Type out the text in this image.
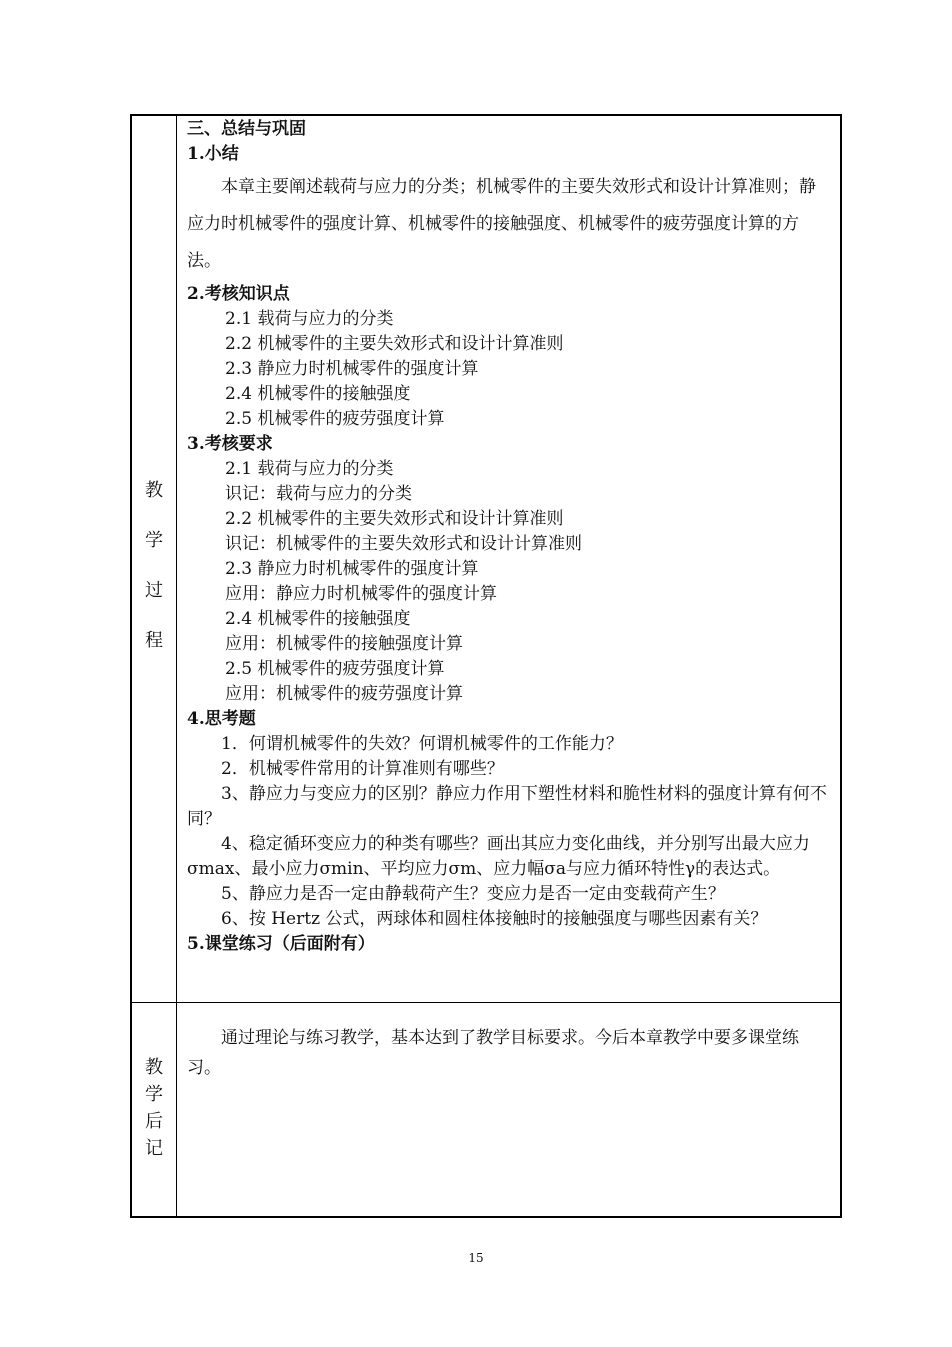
教
学
过
程
教
学
后
记
三、总结与巩固
1.小结
本章主要阐述载荷与应力的分类；机械零件的主要失效形式和设计计算准则；静应力时机械零件的强度计算、机械零件的接触强度、机械零件的疲劳强度计算的方法。
2.考核知识点
2.1 载荷与应力的分类
2.2 机械零件的主要失效形式和设计计算准则
2.3 静应力时机械零件的强度计算
2.4 机械零件的接触强度
2.5 机械零件的疲劳强度计算
3.考核要求
2.1 载荷与应力的分类
识记：载荷与应力的分类
2.2 机械零件的主要失效形式和设计计算准则
识记：机械零件的主要失效形式和设计计算准则
2.3 静应力时机械零件的强度计算
应用：静应力时机械零件的强度计算
2.4 机械零件的接触强度
应用：机械零件的接触强度计算
2.5 机械零件的疲劳强度计算
应用：机械零件的疲劳强度计算
4.思考题
1．何谓机械零件的失效？何谓机械零件的工作能力？
2．机械零件常用的计算准则有哪些？
3、静应力与变应力的区别？静应力作用下塑性材料和脆性材料的强度计算有何不同？
4、稳定循环变应力的种类有哪些？画出其应力变化曲线，并分别写出最大应力σmax、最小应力σmin、平均应力σm、应力幅σa与应力循环特性γ的表达式。
5、静应力是否一定由静载荷产生？变应力是否一定由变载荷产生？
6、按 Hertz 公式，两球体和圆柱体接触时的接触强度与哪些因素有关？
5.课堂练习（后面附有）
通过理论与练习教学，基本达到了教学目标要求。今后本章教学中要多课堂练习。
15
